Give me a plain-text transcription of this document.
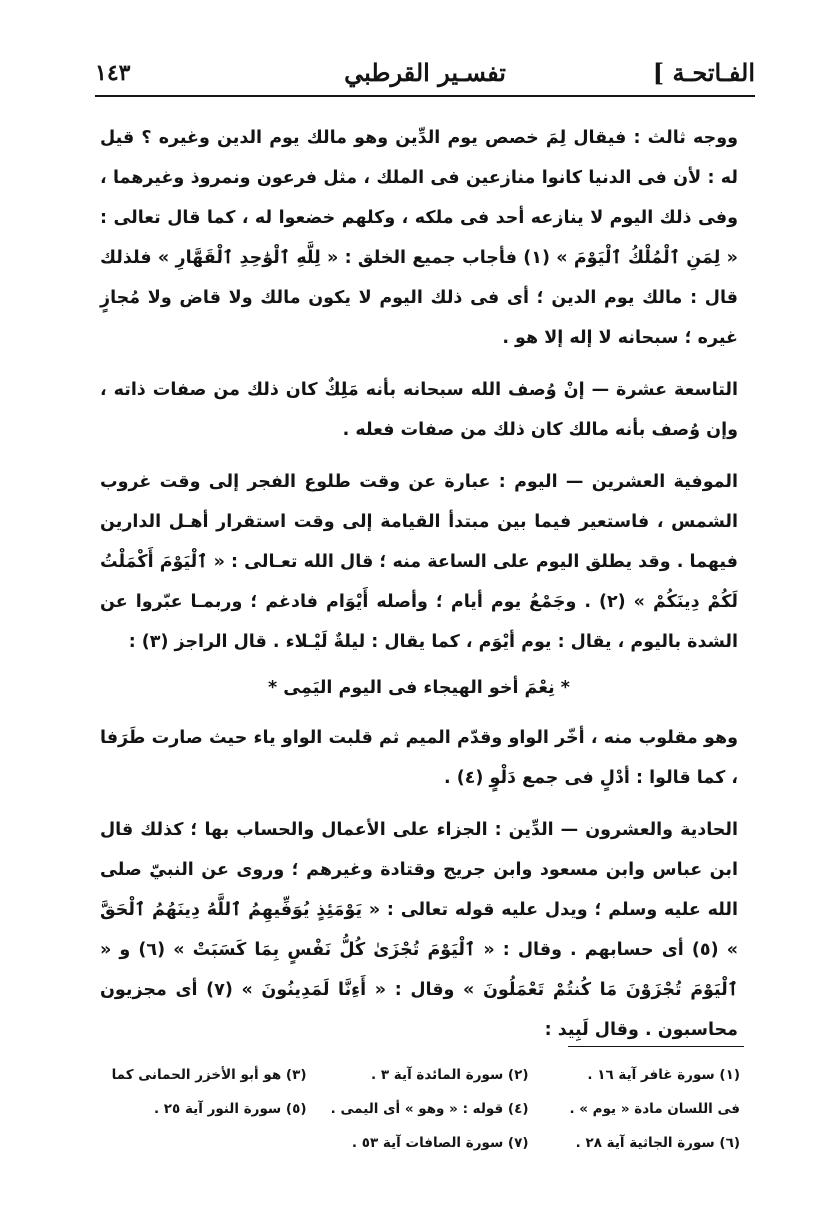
١٤٣	تفسـير القرطبي	الفـاتحـة ]

ووجه ثالث : فيقال لِمَ خصص يوم الدِّين وهو مالك يوم الدين وغيره ؟ قيل له : لأن فى الدنيا كانوا منازعين فى الملك ، مثل فرعون ونمروذ وغيرهما ، وفى ذلك اليوم لا ينازعه أحد فى ملكه ، وكلهم خضعوا له ، كما قال تعالى : « لِمَنِ ٱلْمُلْكُ ٱلْيَوْمَ » (١) فأجاب جميع الخلق : « لِلَّهِ ٱلْوَٰحِدِ ٱلْقَهَّارِ » فلذلك قال : مالك يوم الدين ؛ أى فى ذلك اليوم لا يكون مالك ولا قاض ولا مُجازٍ غيره ؛ سبحانه لا إله إلا هو .

التاسعة عشرة — إنْ وُصف الله سبحانه بأنه مَلِكٌ كان ذلك من صفات ذاته ، وإن وُصف بأنه مالك كان ذلك من صفات فعله .

الموفية العشرين — اليوم : عبارة عن وقت طلوع الفجر إلى وقت غروب الشمس ، فاستعير فيما بين مبتدأ القيامة إلى وقت استقرار أهـل الدارين فيهما . وقد يطلق اليوم على الساعة منه ؛ قال الله تعـالى : « ٱلْيَوْمَ أَكْمَلْتُ لَكُمْ دِينَكُمْ » (٢) . وجَمْعُ يوم أيام ؛ وأصله أَيْوَام فادغم ؛ وربمـا عبّروا عن الشدة باليوم ، يقال : يوم أيْوَم ، كما يقال : ليلةٌ لَيْـلاء . قال الراجز (٣) :

* نِعْمَ أخو الهيجاء فى اليوم اليَمِى *

وهو مقلوب منه ، أخّر الواو وقدّم الميم ثم قلبت الواو ياء حيث صارت طَرَفا ، كما قالوا : أدْلٍ فى جمع دَلْوٍ (٤) .

الحادية والعشرون — الدِّين : الجزاء على الأعمال والحساب بها ؛ كذلك قال ابن عباس وابن مسعود وابن جريج وقتادة وغيرهم ؛ وروى عن النبيّ صلى الله عليه وسلم ؛ ويدل عليه قوله تعالى : « يَوْمَئِذٍ يُوَفِّيهِمُ ٱللَّهُ دِينَهُمُ ٱلْحَقَّ » (٥) أى حسابهم . وقال : « ٱلْيَوْمَ تُجْزَىٰ كُلُّ نَفْسٍ بِمَا كَسَبَتْ » (٦) و « ٱلْيَوْمَ تُجْزَوْنَ مَا كُنتُمْ تَعْمَلُونَ » وقال : « أَءِنَّا لَمَدِينُونَ » (٧) أى مجزيون محاسبون . وقال لَبِيد :

(١) سورة غافر آية ١٦ .
(٢) سورة المائدة آية ٣ .
(٣) هو أبو الأخزر الحمانى كما
فى اللسان مادة « يوم » .
(٤) قوله : « وهو » أى اليمى .
(٥) سورة النور آية ٢٥ .
(٦) سورة الجاثية آية ٢٨ .
(٧) سورة الصافات آية ٥٣ .
